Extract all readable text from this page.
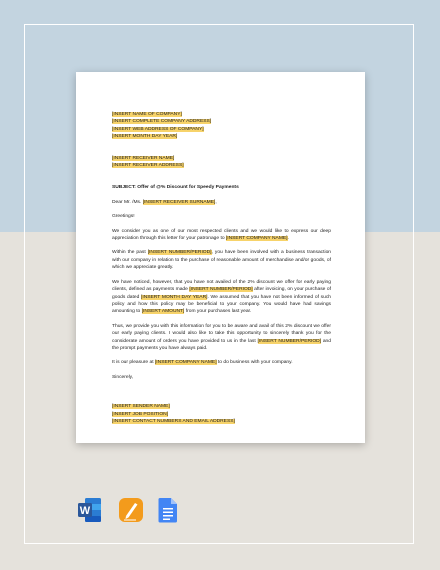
[INSERT NAME OF COMPANY]
[INSERT COMPLETE COMPANY ADDRESS]
[INSERT WEB ADDRESS OF COMPANY]
[INSERT MONTH DAY YEAR]
[INSERT RECEIVER NAME]
[INSERT RECEIVER ADDRESS]
SUBJECT: Offer of @% Discount for Speedy Payments
Dear Mr. /Ms. [INSERT RECEIVER SURNAME],
Greetings!

We consider you as one of our most respected clients and we would like to express our deep appreciation through this letter for your patronage to [INSERT COMPANY NAME].

Within the past [INSERT NUMBER/PERIOD], you have been involved with a business transaction with our company in relation to the purchase of reasonable amount of merchandise and/or goods, of which we appreciate greatly.

We have noticed, however, that you have not availed of the 2% discount we offer for early paying clients, defined as payments made [INSERT NUMBER/PERIOD] after invoicing, on your purchase of goods dated [INSERT MONTH DAY YEAR]. We assumed that you have not been informed of such policy and how this policy may be beneficial to your company. You would have had savings amounting to [INSERT AMOUNT] from your purchases last year.

Thus, we provide you with this information for you to be aware and avail of this 2% discount we offer our early paying clients. I would also like to take this opportunity to sincerely thank you for the considerate amount of orders you have provided to us in the last [INSERT NUMBER/PERIOD] and the prompt payments you have always paid.

It is our pleasure at [INSERT COMPANY NAME] to do business with your company.

Sincerely,
[INSERT SENDER NAME]
[INSERT JOB POSITION]
[INSERT CONTACT NUMBERS AND EMAIL ADDRESS]
W
